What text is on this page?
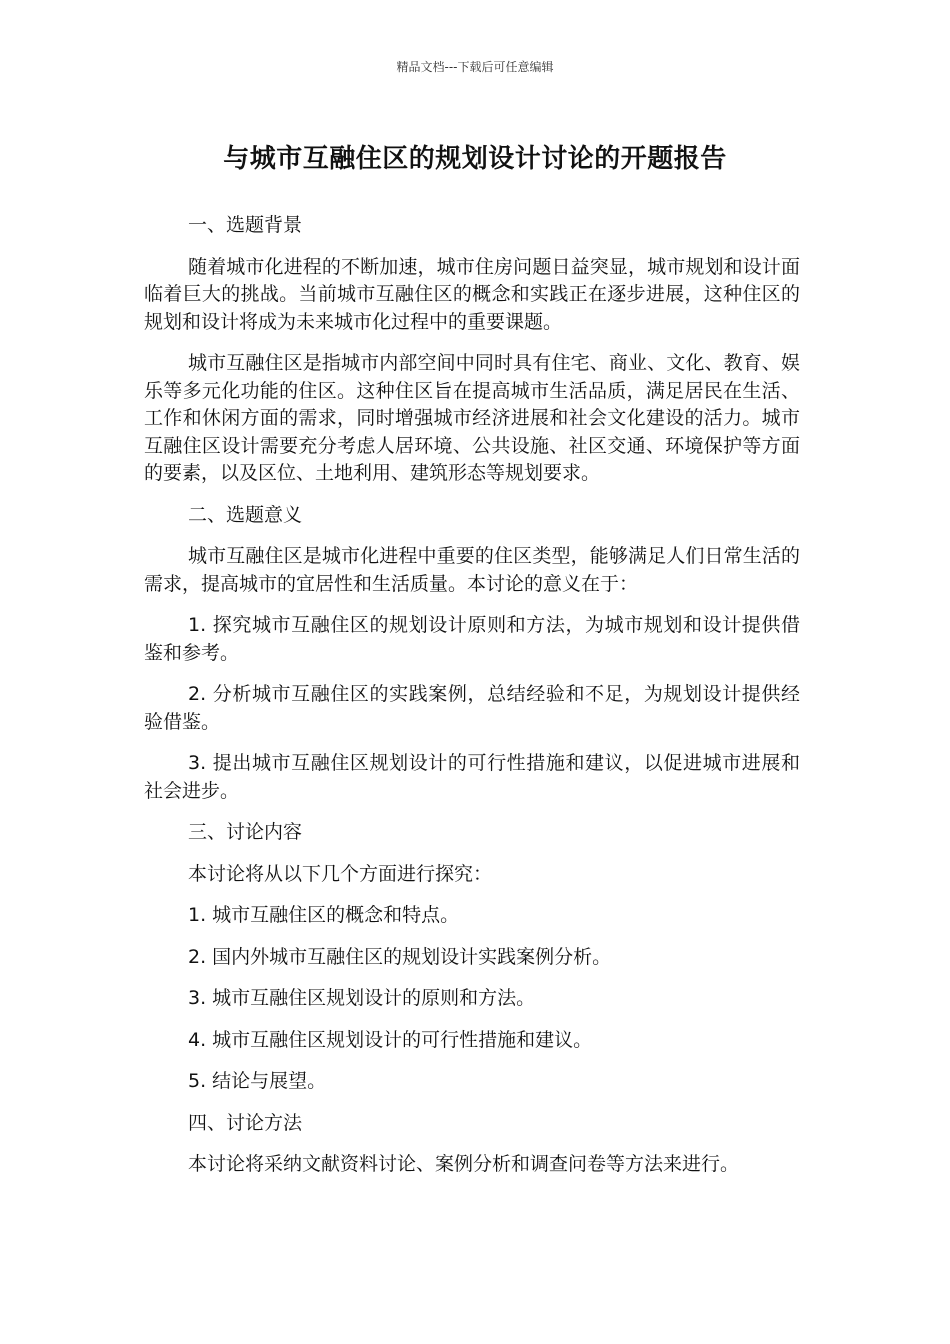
精品文档---下载后可任意编辑
与城市互融住区的规划设计讨论的开题报告

一、选题背景

随着城市化进程的不断加速，城市住房问题日益突显，城市规划和设计面临着巨大的挑战。当前城市互融住区的概念和实践正在逐步进展，这种住区的规划和设计将成为未来城市化过程中的重要课题。

城市互融住区是指城市内部空间中同时具有住宅、商业、文化、教育、娱乐等多元化功能的住区。这种住区旨在提高城市生活品质，满足居民在生活、工作和休闲方面的需求，同时增强城市经济进展和社会文化建设的活力。城市互融住区设计需要充分考虑人居环境、公共设施、社区交通、环境保护等方面的要素，以及区位、土地利用、建筑形态等规划要求。

二、选题意义

城市互融住区是城市化进程中重要的住区类型，能够满足人们日常生活的需求，提高城市的宜居性和生活质量。本讨论的意义在于：

1. 探究城市互融住区的规划设计原则和方法，为城市规划和设计提供借鉴和参考。

2. 分析城市互融住区的实践案例，总结经验和不足，为规划设计提供经验借鉴。

3. 提出城市互融住区规划设计的可行性措施和建议，以促进城市进展和社会进步。

三、讨论内容

本讨论将从以下几个方面进行探究：

1. 城市互融住区的概念和特点。

2. 国内外城市互融住区的规划设计实践案例分析。

3. 城市互融住区规划设计的原则和方法。

4. 城市互融住区规划设计的可行性措施和建议。

5. 结论与展望。

四、讨论方法

本讨论将采纳文献资料讨论、案例分析和调查问卷等方法来进行。
